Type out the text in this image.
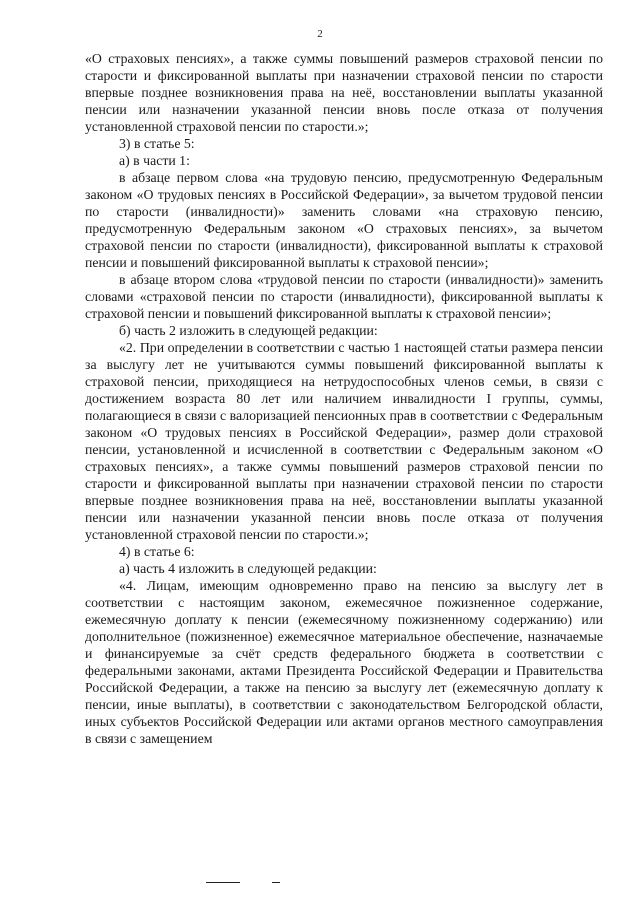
2

«О страховых пенсиях», а также суммы повышений размеров страховой пенсии по старости и фиксированной выплаты при назначении страховой пенсии по старости впервые позднее возникновения права на неё, восстановлении выплаты указанной пенсии или назначении указанной пенсии вновь после отказа от получения установленной страховой пенсии по старости.»;

3) в статье 5:

а) в части 1:

в абзаце первом слова «на трудовую пенсию, предусмотренную Федеральным законом «О трудовых пенсиях в Российской Федерации», за вычетом трудовой пенсии по старости (инвалидности)» заменить словами «на страховую пенсию, предусмотренную Федеральным законом «О страховых пенсиях», за вычетом страховой пенсии по старости (инвалидности), фиксированной выплаты к страховой пенсии и повышений фиксированной выплаты к страховой пенсии»;

в абзаце втором слова «трудовой пенсии по старости (инвалидности)» заменить словами «страховой пенсии по старости (инвалидности), фиксированной выплаты к страховой пенсии и повышений фиксированной выплаты к страховой пенсии»;

б) часть 2 изложить в следующей редакции:

«2. При определении в соответствии с частью 1 настоящей статьи размера пенсии за выслугу лет не учитываются суммы повышений фиксированной выплаты к страховой пенсии, приходящиеся на нетрудоспособных членов семьи, в связи с достижением возраста 80 лет или наличием инвалидности I группы, суммы, полагающиеся в связи с валоризацией пенсионных прав в соответствии с Федеральным законом «О трудовых пенсиях в Российской Федерации», размер доли страховой пенсии, установленной и исчисленной в соответствии с Федеральным законом «О страховых пенсиях», а также суммы повышений размеров страховой пенсии по старости и фиксированной выплаты при назначении страховой пенсии по старости впервые позднее возникновения права на неё, восстановлении выплаты указанной пенсии или назначении указанной пенсии вновь после отказа от получения установленной страховой пенсии по старости.»;

4) в статье 6:

а) часть 4 изложить в следующей редакции:

«4. Лицам, имеющим одновременно право на пенсию за выслугу лет в соответствии с настоящим законом, ежемесячное пожизненное содержание, ежемесячную доплату к пенсии (ежемесячному пожизненному содержанию) или дополнительное (пожизненное) ежемесячное материальное обеспечение, назначаемые и финансируемые за счёт средств федерального бюджета в соответствии с федеральными законами, актами Президента Российской Федерации и Правительства Российской Федерации, а также на пенсию за выслугу лет (ежемесячную доплату к пенсии, иные выплаты), в соответствии с законодательством Белгородской области, иных субъектов Российской Федерации или актами органов местного самоуправления в связи с замещением
